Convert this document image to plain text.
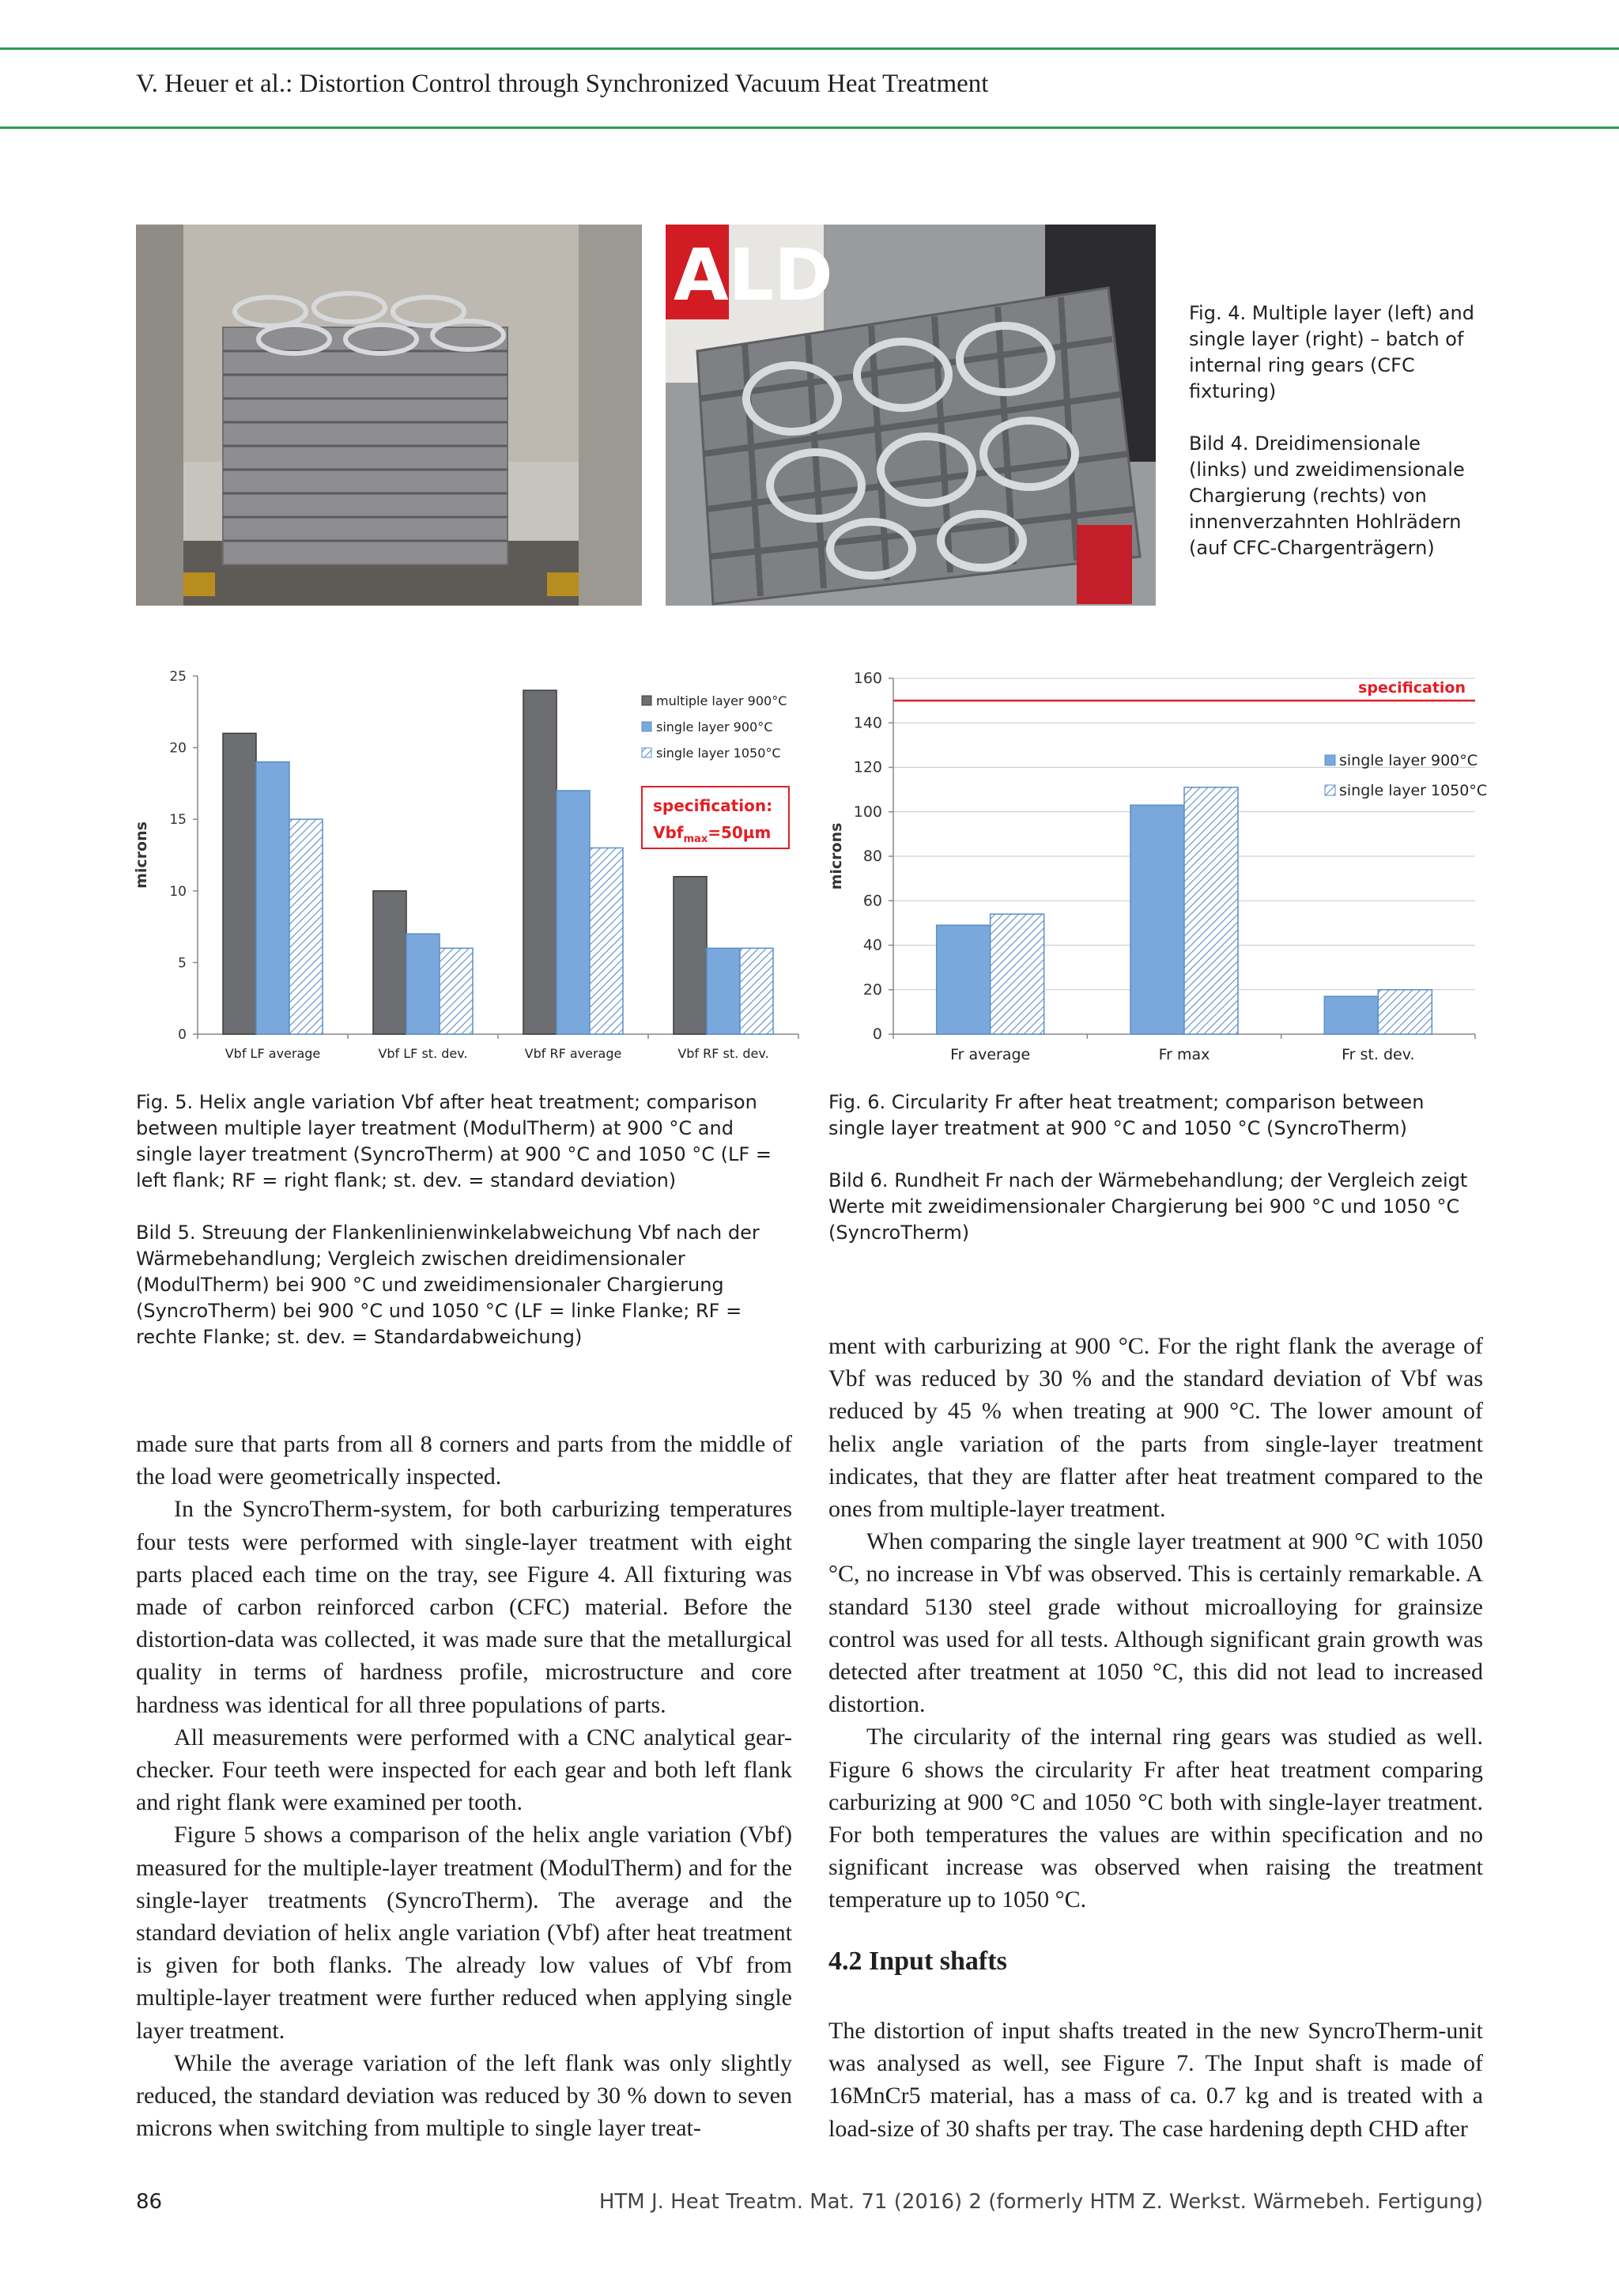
V. Heuer et al.: Distortion Control through Synchronized Vacuum Heat Treatment
ALD	Fig. 4. Multiple layer (left) and single layer (right) – batch of internal ring gears (CFC fixturing)

Bild 4. Dreidimensionale (links) und zweidimensionale Chargierung (rechts) von innenverzahnten Hohlrädern (auf CFC-Chargenträgern)

0
5
10
15
20
25
microns
Vbf LF average	Vbf LF st. dev.	Vbf RF average	Vbf RF st. dev.
multiple layer 900°C
single layer 900°C
single layer 1050°C
specification:
Vbf$_{max}$=50µm
0
20
40
60
80
100
120
140
160
microns
specification
Fr average	Fr max	Fr st. dev.
single layer 900°C
single layer 1050°C

Fig. 5. Helix angle variation Vbf after heat treatment; comparison between multiple layer treatment (ModulTherm) at 900 °C and single layer treatment (SyncroTherm) at 900 °C and 1050 °C (LF = left flank; RF = right flank; st. dev. = standard deviation)

Bild 5. Streuung der Flankenlinienwinkelabweichung Vbf nach der Wärmebehandlung; Vergleich zwischen dreidimensionaler (ModulTherm) bei 900 °C und zweidimensionaler Chargierung (SyncroTherm) bei 900 °C und 1050 °C (LF = linke Flanke; RF = rechte Flanke; st. dev. = Standardabweichung)

Fig. 6. Circularity Fr after heat treatment; comparison between single layer treatment at 900 °C and 1050 °C (SyncroTherm)

Bild 6. Rundheit Fr nach der Wärmebehandlung; der Vergleich zeigt Werte mit zweidimensionaler Chargierung bei 900 °C und 1050 °C (SyncroTherm)

made sure that parts from all 8 corners and parts from the middle of the load were geometrically inspected.

In the SyncroTherm-system, for both carburizing temperatures four tests were performed with single-layer treatment with eight parts placed each time on the tray, see Figure 4. All fixturing was made of carbon reinforced carbon (CFC) material. Before the distortion-data was collected, it was made sure that the metallurgical quality in terms of hardness profile, microstructure and core hardness was identical for all three populations of parts.

All measurements were performed with a CNC analytical gear-checker. Four teeth were inspected for each gear and both left flank and right flank were examined per tooth.

Figure 5 shows a comparison of the helix angle variation (Vbf) measured for the multiple-layer treatment (ModulTherm) and for the single-layer treatments (SyncroTherm). The average and the standard deviation of helix angle variation (Vbf) after heat treatment is given for both flanks. The already low values of Vbf from multiple-layer treatment were further reduced when applying single layer treatment.

While the average variation of the left flank was only slightly reduced, the standard deviation was reduced by 30 % down to seven microns when switching from multiple to single layer treat-

ment with carburizing at 900 °C. For the right flank the average of Vbf was reduced by 30 % and the standard deviation of Vbf was reduced by 45 % when treating at 900 °C. The lower amount of helix angle variation of the parts from single-layer treatment indicates, that they are flatter after heat treatment compared to the ones from multiple-layer treatment.

When comparing the single layer treatment at 900 °C with 1050 °C, no increase in Vbf was observed. This is certainly remarkable. A standard 5130 steel grade without microalloying for grainsize control was used for all tests. Although significant grain growth was detected after treatment at 1050 °C, this did not lead to increased distortion.

The circularity of the internal ring gears was studied as well. Figure 6 shows the circularity Fr after heat treatment comparing carburizing at 900 °C and 1050 °C both with single-layer treatment. For both temperatures the values are within specification and no significant increase was observed when raising the treatment temperature up to 1050 °C.

4.2 Input shafts

The distortion of input shafts treated in the new SyncroTherm-unit was analysed as well, see Figure 7. The Input shaft is made of 16MnCr5 material, has a mass of ca. 0.7 kg and is treated with a load-size of 30 shafts per tray. The case hardening depth CHD after

86	HTM J. Heat Treatm. Mat. 71 (2016) 2 (formerly HTM Z. Werkst. Wärmebeh. Fertigung)
